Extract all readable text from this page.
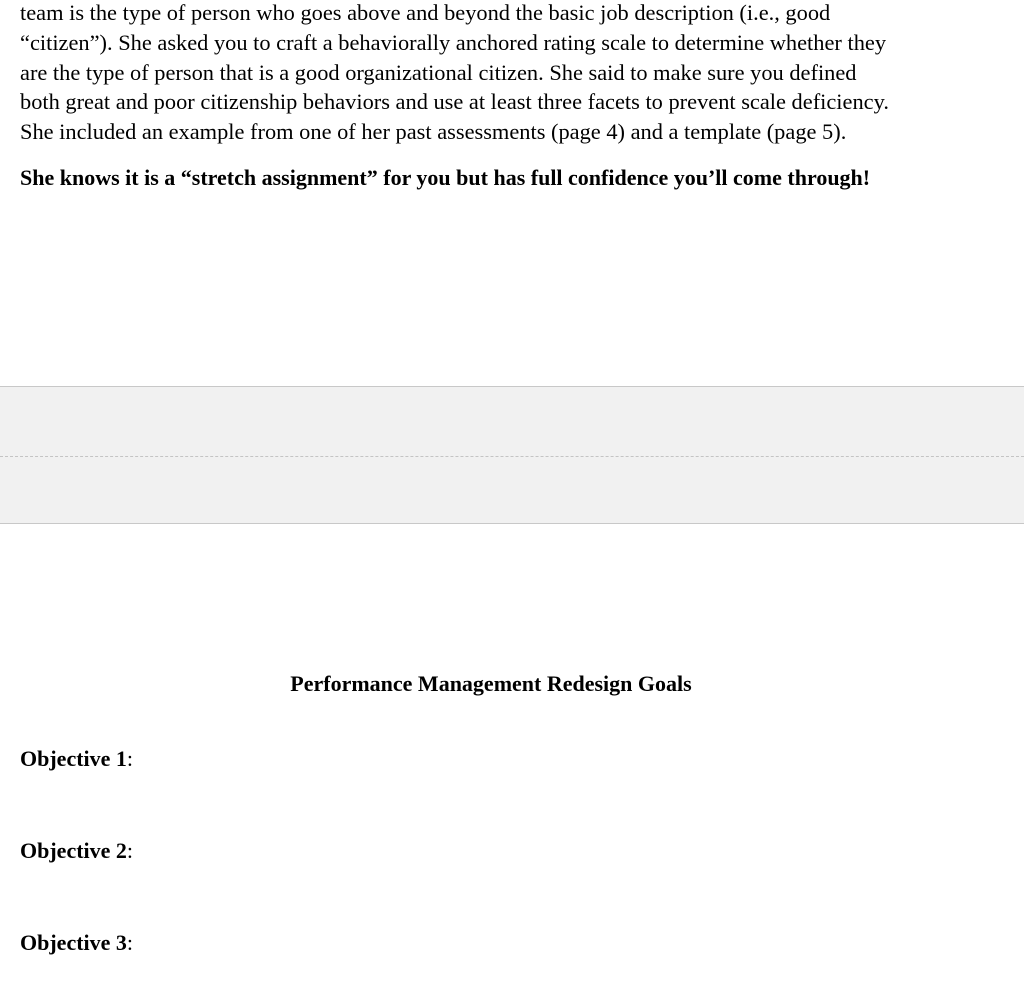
team is the type of person who goes above and beyond the basic job description (i.e., good
“citizen”). She asked you to craft a behaviorally anchored rating scale to determine whether they
are the type of person that is a good organizational citizen. She said to make sure you defined
both great and poor citizenship behaviors and use at least three facets to prevent scale deficiency.
She included an example from one of her past assessments (page 4) and a template (page 5).

She knows it is a “stretch assignment” for you but has full confidence you’ll come through!

Performance Management Redesign Goals

Objective 1:

Objective 2:

Objective 3:
